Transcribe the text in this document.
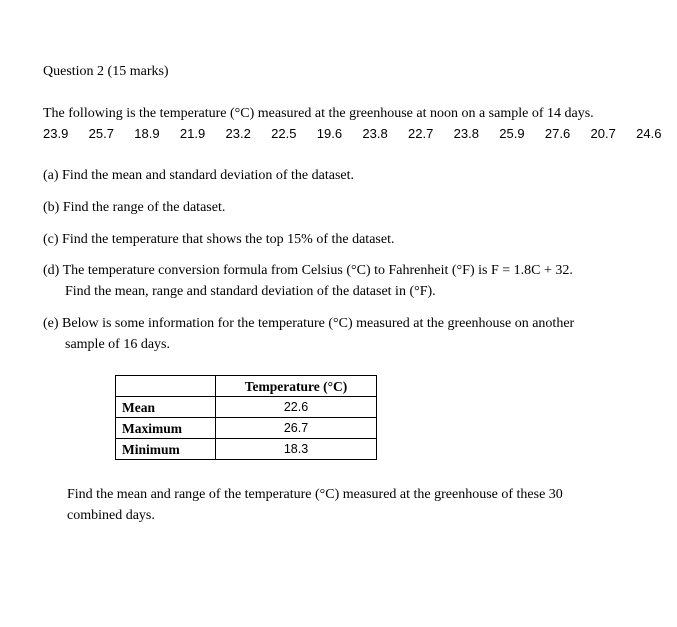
Question 2 (15 marks)
The following is the temperature (°C) measured at the greenhouse at noon on a sample of 14 days.
23.9 25.7 18.9 21.9 23.2 22.5 19.6 23.8 22.7 23.8 25.9 27.6 20.7 24.6
(a) Find the mean and standard deviation of the dataset.
(b) Find the range of the dataset.
(c) Find the temperature that shows the top 15% of the dataset.
(d) The temperature conversion formula from Celsius (°C) to Fahrenheit (°F) is F = 1.8C + 32.
Find the mean, range and standard deviation of the dataset in (°F).
(e) Below is some information for the temperature (°C) measured at the greenhouse on another
sample of 16 days.
	Temperature (°C)
Mean	22.6
Maximum	26.7
Minimum	18.3
Find the mean and range of the temperature (°C) measured at the greenhouse of these 30
combined days.
